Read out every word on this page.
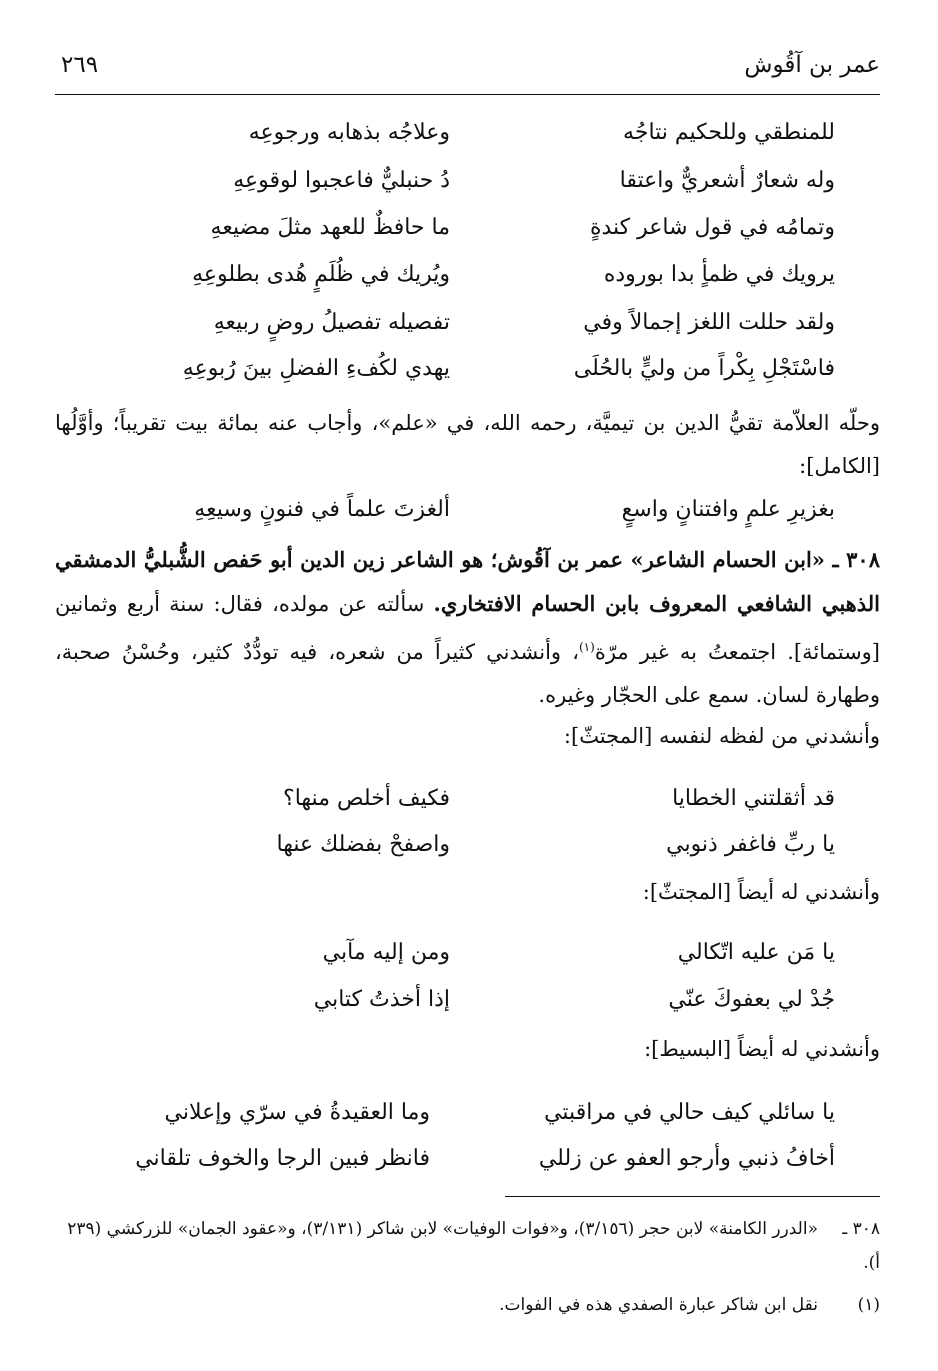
عمر بن آقُوش
٢٦٩
للمنطقي وللحكيم نتاجُه
وعلاجُه بذهابه ورجوعِه
وله شعارٌ أشعريٌّ واعتقا
دُ حنبليٌّ فاعجبوا لوقوعِهِ
وتمامُه في قول شاعر كندةٍ
ما حافظٌ للعهد مثلَ مضيعهِ
يرويك في ظمأٍ بدا بوروده
ويُريك في ظُلَمٍ هُدى بطلوعِهِ
ولقد حللت اللغز إجمالاً وفي
تفصيله تفصيلُ روضٍ ربيعهِ
فاسْتَجْلِ بِكْراً من وليٍّ بالحُلَى
يهدي لكُفءِ الفضلِ بينَ رُبوعِهِ
وحلّه العلاّمة تقيُّ الدين بن تيميَّة، رحمه الله، في «علم»، وأجاب عنه بمائة بيت تقريباً؛ وأوَّلُها [الكامل]:
بغزيرِ علمٍ وافتنانٍ واسعٍ
ألغزتَ علماً في فنونٍ وسيعِهِ
٣٠٨ ـ «ابن الحسام الشاعر» عمر بن آقُوش؛ هو الشاعر زين الدين أبو حَفص الشُّبليُّ الدمشقي الذهبي الشافعي المعروف بابن الحسام الافتخاري. سألته عن مولده، فقال: سنة أربع وثمانين [وستمائة]. اجتمعتُ به غير مرّة$^{(١)}$، وأنشدني كثيراً من شعره، فيه تودُّدٌ كثير، وحُسْنُ صحبة، وطهارة لسان. سمع على الحجّار وغيره.
وأنشدني من لفظه لنفسه [المجتثّ]:
قد أثقلتني الخطايا
فكيف أخلص منها؟
يا ربِّ فاغفر ذنوبي
واصفحْ بفضلك عنها
وأنشدني له أيضاً [المجتثّ]:
يا مَن عليه اتّكالي
ومن إليه مآبي
جُدْ لي بعفوكَ عنّي
إذا أخذتُ كتابي
وأنشدني له أيضاً [البسيط]:
يا سائلي كيف حالي في مراقبتي
وما العقيدةُ في سرّي وإعلاني
أخافُ ذنبي وأرجو العفو عن زللي
فانظر فبين الرجا والخوف تلقاني
٣٠٨ ـ«الدرر الكامنة» لابن حجر (٣/١٥٦)، و«فوات الوفيات» لابن شاكر (٣/١٣١)، و«عقود الجمان» للزركشي (٢٣٩ أ).
(١)نقل ابن شاكر عبارة الصفدي هذه في الفوات.
